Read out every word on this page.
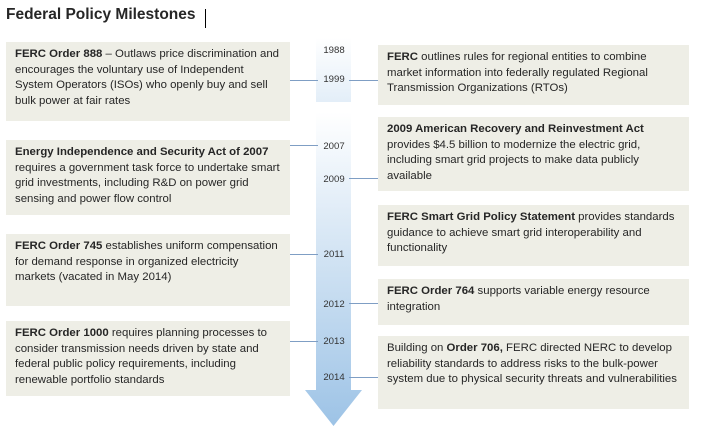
Federal Policy Milestones
1988
1999
2007
2009
2011
2012
2013
2014
FERC Order 888 – Outlaws price discrimination and encourages the voluntary use of Independent System Operators (ISOs) who openly buy and sell bulk power at fair rates
Energy Independence and Security Act of 2007 requires a government task force to undertake smart grid investments, including R&D on power grid sensing and power flow control
FERC Order 745 establishes uniform compensation for demand response in organized electricity markets (vacated in May 2014)
FERC Order 1000 requires planning processes to consider transmission needs driven by state and federal public policy requirements, including renewable portfolio standards
FERC outlines rules for regional entities to combine market information into federally regulated Regional Transmission Organizations (RTOs)
2009 American Recovery and Reinvestment Act provides $4.5 billion to modernize the electric grid, including smart grid projects to make data publicly available
FERC Smart Grid Policy Statement provides standards guidance to achieve smart grid interoperability and functionality
FERC Order 764 supports variable energy resource integration
Building on Order 706, FERC directed NERC to develop reliability standards to address risks to the bulk-power system due to physical security threats and vulnerabilities
